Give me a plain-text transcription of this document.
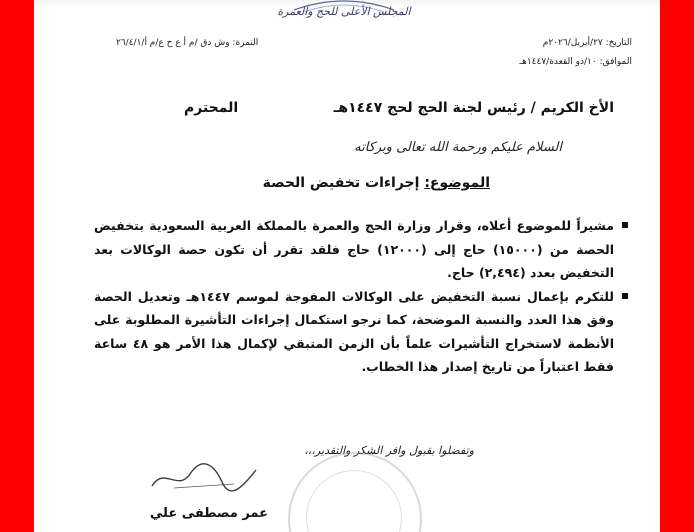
المجلس الأعلى للحج والعمرة
التاريخ: ٢٧/أبريل/٢٠٢٦م
الموافق: ١٠/ذو القعدة/١٤٤٧هـ
النمرة: وش دق /م أ ع ح ع/م أ/٢٦/٤/١
الأخ الكريم / رئيس لجنة الحج لحج ١٤٤٧هـ
المحترم
السلام عليكم ورحمة الله تعالى وبركاته
الموضوع: إجراءات تخفيض الحصة
مشيراً للموضوع أعلاه، وقرار وزارة الحج والعمرة بالمملكة العربية السعودية بتخفيض الحصة من (١٥٠٠٠) حاج إلى (١٢٠٠٠) حاج فلقد تقرر أن تكون حصة الوكالات بعد التخفيض بعدد (٢,٤٩٤) حاج.
للتكرم بإعمال نسبة التخفيض على الوكالات المفوجة لموسم ١٤٤٧هـ وتعديل الحصة وفق هذا العدد والنسبة الموضحة، كما نرجو استكمال إجراءات التأشيرة المطلوبة على الأنظمة لاستخراج التأشيرات علماً بأن الزمن المتبقي لإكمال هذا الأمر هو ٤٨ ساعة فقط اعتباراً من تاريخ إصدار هذا الخطاب.
وتفضلوا بقبول وافر الشكر والتقدير،،،
عمر مصطفى علي
